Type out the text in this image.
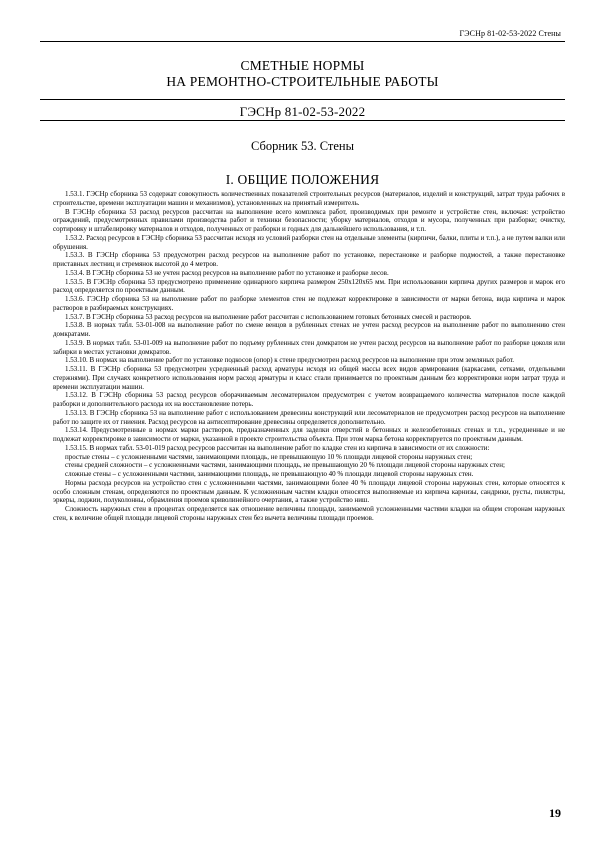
ГЭСНр 81-02-53-2022 Стены
СМЕТНЫЕ НОРМЫ
НА РЕМОНТНО-СТРОИТЕЛЬНЫЕ РАБОТЫ
ГЭСНр 81-02-53-2022
Сборник 53. Стены
I. ОБЩИЕ ПОЛОЖЕНИЯ

1.53.1. ГЭСНр сборника 53 содержат совокупность количественных показателей строительных ресурсов (материалов, изделий и конструкций, затрат труда рабочих в строительстве, времени эксплуатации машин и механизмов), установленных на принятый измеритель.

В ГЭСНр сборника 53 расход ресурсов рассчитан на выполнение всего комплекса работ, производимых при ремонте и устройстве стен, включая: устройство ограждений, предусмотренных правилами производства работ и техники безопасности; уборку материалов, отходов и мусора, полученных при разборке; очистку, сортировку и штабелировку материалов и отходов, полученных от разборки и годных для дальнейшего использования, и т.п.

1.53.2. Расход ресурсов в ГЭСНр сборника 53 рассчитан исходя из условий разборки стен на отдельные элементы (кирпичи, балки, плиты и т.п.), а не путем валки или обрушения.

1.53.3. В ГЭСНр сборника 53 предусмотрен расход ресурсов на выполнение работ по установке, перестановке и разборке подмостей, а также перестановке приставных лестниц и стремянок высотой до 4 метров.

1.53.4. В ГЭСНр сборника 53 не учтен расход ресурсов на выполнение работ по установке и разборке лесов.

1.53.5. В ГЭСНр сборника 53 предусмотрено применение одинарного кирпича размером 250х120х65 мм. При использовании кирпича других размеров и марок его расход определяется по проектным данным.

1.53.6. ГЭСНр сборника 53 на выполнение работ по разборке элементов стен не подлежат корректировке в зависимости от марки бетона, вида кирпича и марок растворов в разбираемых конструкциях.

1.53.7. В ГЭСНр сборника 53 расход ресурсов на выполнение работ рассчитан с использованием готовых бетонных смесей и растворов.

1.53.8. В нормах табл. 53-01-008 на выполнение работ по смене венцов в рубленных стенах не учтен расход ресурсов на выполнение работ по выполнению стен домкратами.

1.53.9. В нормах табл. 53-01-009 на выполнение работ по подъему рубленных стен домкратом не учтен расход ресурсов на выполнение работ по разборке цоколя или забирки в местах установки домкратов.

1.53.10. В нормах на выполнение работ по установке подкосов (опор) к стене предусмотрен расход ресурсов на выполнение при этом земляных работ.

1.53.11. В ГЭСНр сборника 53 предусмотрен усредненный расход арматуры исходя из общей массы всех видов армирования (каркасами, сетками, отдельными стержнями). При случаях конкретного использования норм расход арматуры и класс стали принимается по проектным данным без корректировки норм затрат труда и времени эксплуатации машин.

1.53.12. В ГЭСНр сборника 53 расход ресурсов оборачиваемым лесоматериалом предусмотрен с учетом возвращаемого количества материалов после каждой разборки и дополнительного расхода их на восстановление потерь.

1.53.13. В ГЭСНр сборника 53 на выполнение работ с использованием древесины конструкций или лесоматериалов не предусмотрен расход ресурсов на выполнение работ по защите их от гниения. Расход ресурсов на антисептирование древесины определяется дополнительно.

1.53.14. Предусмотренные в нормах марки растворов, предназначенных для заделки отверстий в бетонных и железобетонных стенах и т.п., усредненные и не подлежат корректировке в зависимости от марки, указанной в проекте строительства объекта. При этом марка бетона корректируется по проектным данным.

1.53.15. В нормах табл. 53-01-019 расход ресурсов рассчитан на выполнение работ по кладке стен из кирпича в зависимости от их сложности:

простые стены – с усложненными частями, занимающими площадь, не превышающую 10 % площади лицевой стороны наружных стен;

стены средней сложности – с усложненными частями, занимающими площадь, не превышающую 20 % площади лицевой стороны наружных стен;

сложные стены – с усложненными частями, занимающими площадь, не превышающую 40 % площади лицевой стороны наружных стен.

Нормы расхода ресурсов на устройство стен с усложненными частями, занимающими более 40 % площади лицевой стороны наружных стен, которые относятся к особо сложным стенам, определяются по проектным данным. К усложненным частям кладки относятся выполняемые из кирпича карнизы, сандрики, русты, пилястры, эркеры, лоджии, полуколонны, обрамления проемов криволинейного очертания, а также устройство ниш.

Сложность наружных стен в процентах определяется как отношение величины площади, занимаемой усложненными частями кладки на общем сторонам наружных стен, к величине общей площади лицевой стороны наружных стен без вычета величины площади проемов.

19
